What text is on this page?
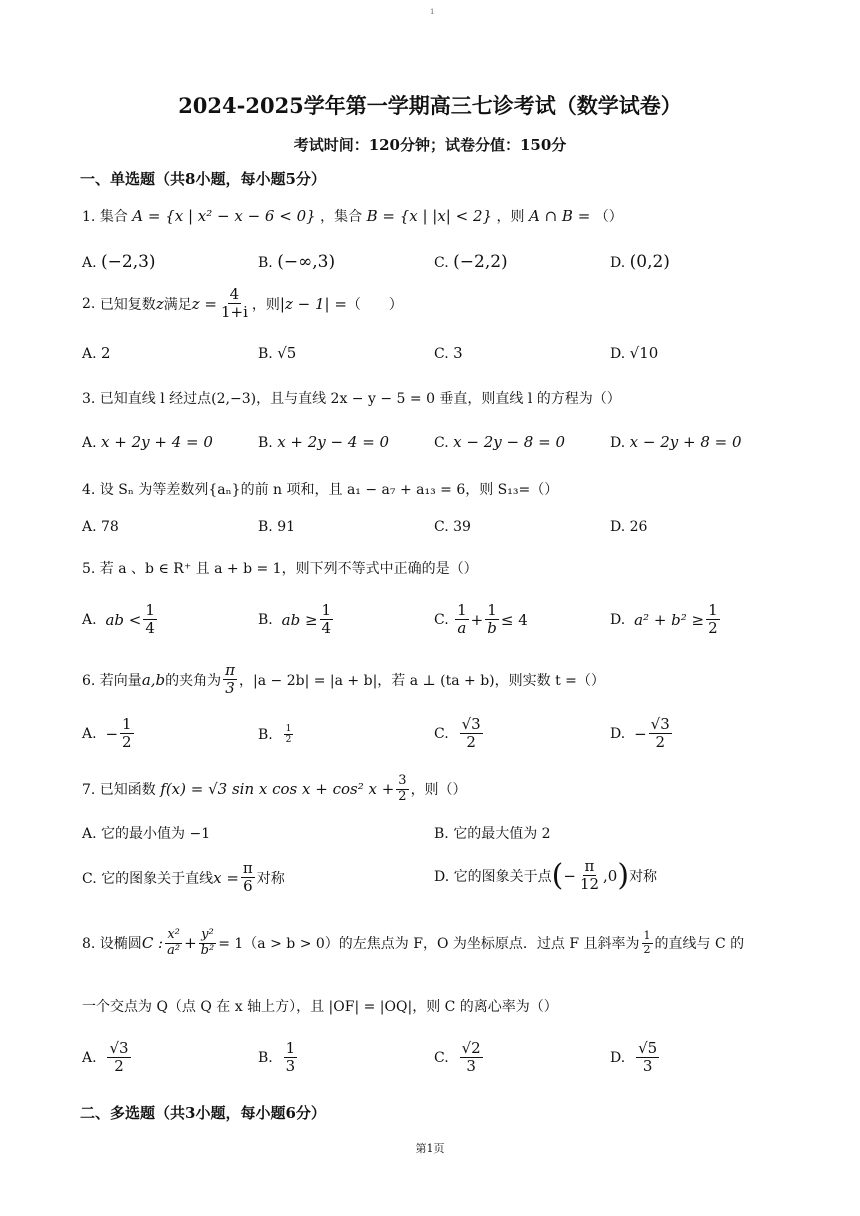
1
2024-2025学年第一学期高三七诊考试（数学试卷）
考试时间：120分钟；试卷分值：150分
一、单选题（共8小题，每小题5分）
1. 集合 A = {x | x² − x − 6 < 0} ，集合 B = {x | |x| < 2} ，则 A ∩ B = （）
A. (−2,3)	B. (−∞,3)	C. (−2,2)	D. (0,2)
2.
已知复数 z 满足 $z = \frac{4}{1+i}$ ，则 |z − 1| = （　　）
A. 2	B. √5	C. 3	D. √10
3. 已知直线 l 经过点(2,−3)，且与直线 2x − y − 5 = 0 垂直，则直线 l 的方程为（）
A. x + 2y + 4 = 0	B. x + 2y − 4 = 0	C. x − 2y − 8 = 0	D. x − 2y + 8 = 0
4. 设 Sₙ 为等差数列{aₙ}的前 n 项和，且 a₁ − a₇ + a₁₃ = 6，则 S₁₃=（）
A. 78	B. 91	C. 39	D. 26
5. 若 a 、b ∈ R⁺ 且 a + b = 1，则下列不等式中正确的是（）
A.
ab < $\frac{1}{4}$	B.
ab ≥ $\frac{1}{4}$	C.
$\frac{1}{a} + \frac{1}{b} \le 4$	D.
$a^2 + b^2 \ge \frac{1}{2}$
6. 若向量 a,b 的夹角为 $\frac{\pi}{3}$ ，|a − 2b| = |a + b|，若 a ⊥ (ta + b)，则实数 t =（）
A.
− $\frac{1}{2}$	B.
$\frac{1}{2}$	C.
$\frac{√3}{2}$	D.
− $\frac{√3}{2}$
7. 已知函数
f(x) = √3 sin x cos x + cos² $x + \frac{3}{2}$ ，则（）
A. 它的最小值为 −1	B. 它的最大值为 2
C. 它的图象关于直线 $x = \frac{\pi}{6}$ 对称	D. 它的图象关于点 ( − $\frac{\pi}{12} ,0$ ) 对称
8. 设椭圆 C : $\frac{\text{x²}}{\text{a²}} + \frac{\text{y²}}{\text{b²}} = 1(a > b > 0)$的左焦点为 F，O 为坐标原点．过点 F 且斜率为 $\frac{1}{2}$ 的直线与 C 的
一个交点为 Q（点 Q 在 x 轴上方），且 |OF| = |OQ|，则 C 的离心率为（）
A.
$\frac{√3}{2}$	B.
$\frac{1}{3}$	C.
$\frac{√2}{3}$	D.
$\frac{√5}{3}$
二、多选题（共3小题，每小题6分）
第1页
